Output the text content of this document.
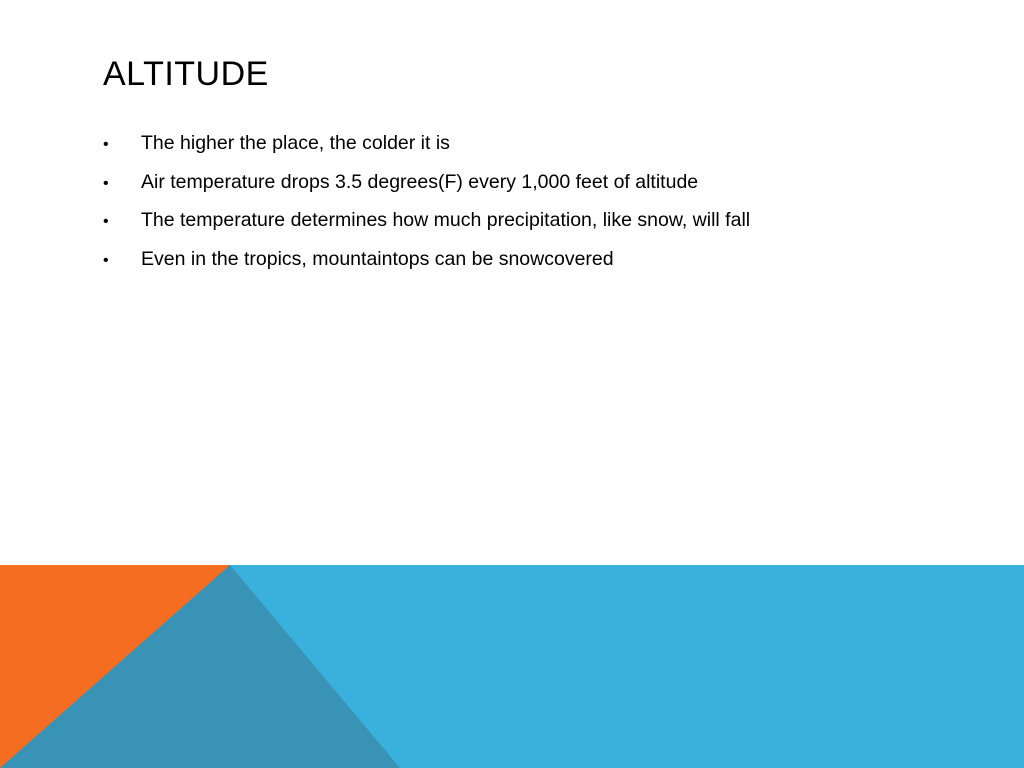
ALTITUDE
•	The higher the place, the colder it is
•	Air temperature drops 3.5 degrees(F) every 1,000 feet of altitude
•	The temperature determines how much precipitation, like snow, will fall
•	Even in the tropics, mountaintops can be snowcovered
